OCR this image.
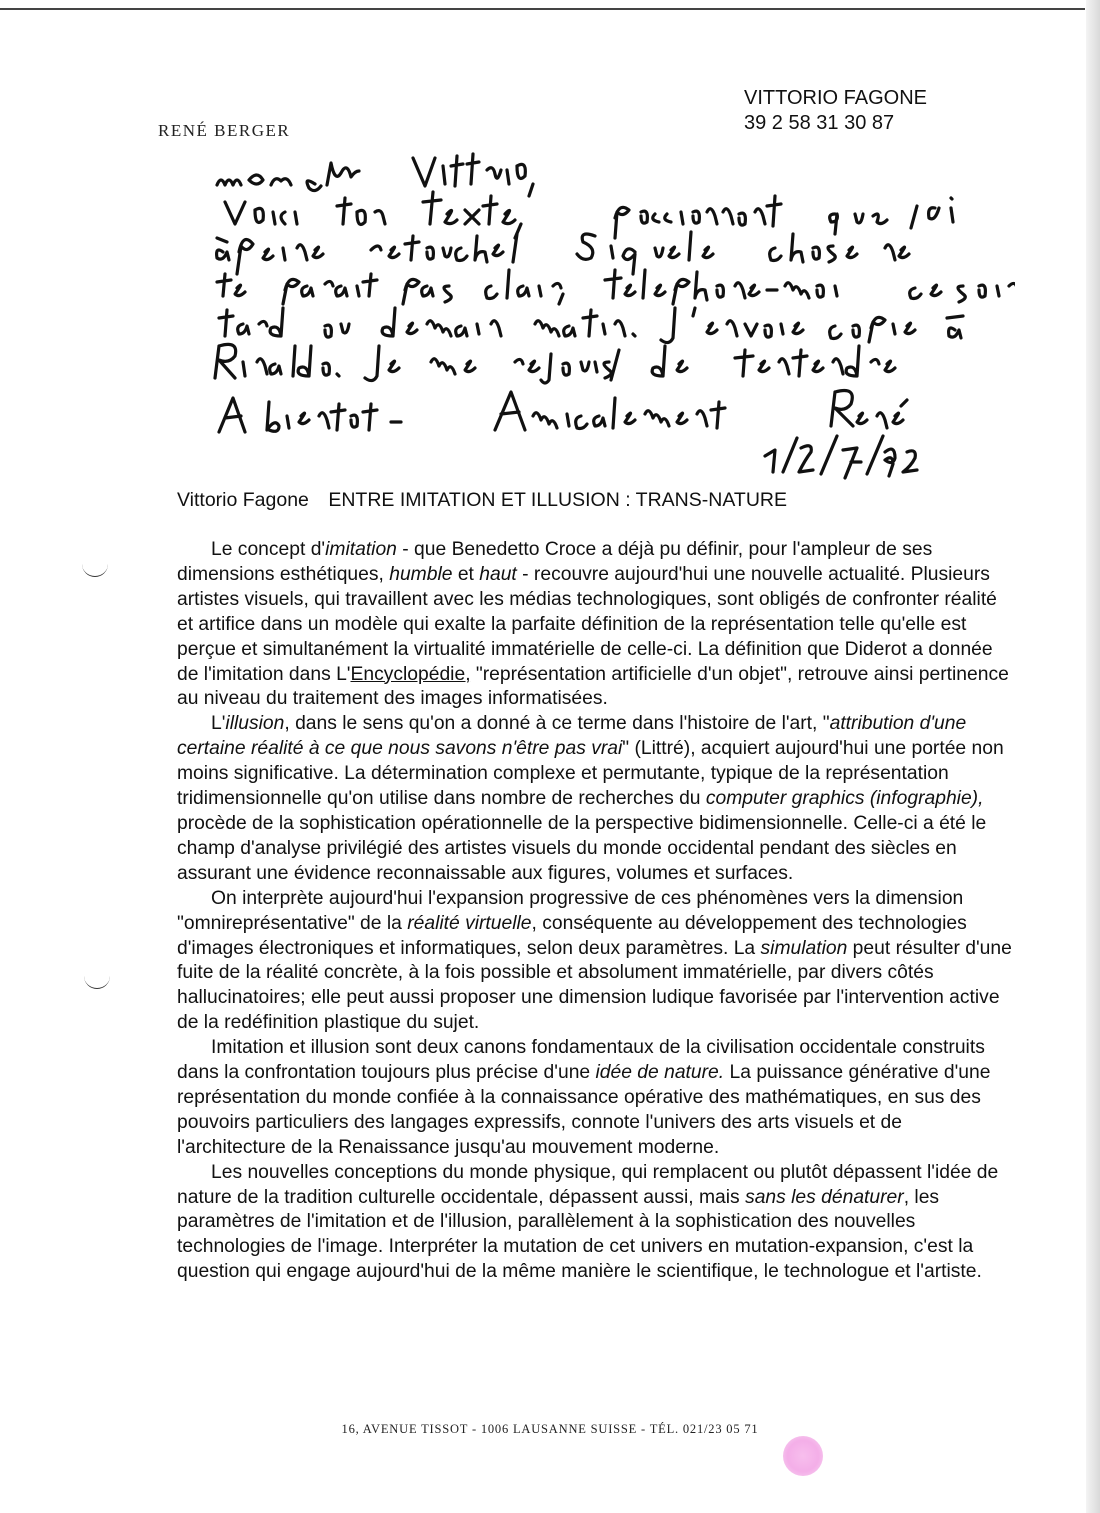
RENÉ BERGER
VITTORIO FAGONE
39 2 58 31 30 87
Vittorio Fagone ENTRE IMITATION ET ILLUSION : TRANS-NATURE

Le concept d'imitation - que Benedetto Croce a déjà pu définir, pour l'ampleur de ses dimensions esthétiques, humble et haut - recouvre aujourd'hui une nouvelle actualité. Plusieurs artistes visuels, qui travaillent avec les médias technologiques, sont obligés de confronter réalité et artifice dans un modèle qui exalte la parfaite définition de la représentation telle qu'elle est perçue et simultanément la virtualité immatérielle de celle-ci. La définition que Diderot a donnée de l'imitation dans L'Encyclopédie, "représentation artificielle d'un objet", retrouve ainsi pertinence au niveau du traitement des images informatisées.

L'illusion, dans le sens qu'on a donné à ce terme dans l'histoire de l'art, "attribution d'une certaine réalité à ce que nous savons n'être pas vrai" (Littré), acquiert aujourd'hui une portée non moins significative. La détermination complexe et permutante, typique de la représentation tridimensionnelle qu'on utilise dans nombre de recherches du computer graphics (infographie), procède de la sophistication opérationnelle de la perspective bidimensionnelle. Celle-ci a été le champ d'analyse privilégié des artistes visuels du monde occidental pendant des siècles en assurant une évidence reconnaissable aux figures, volumes et surfaces.

On interprète aujourd'hui l'expansion progressive de ces phénomènes vers la dimension "omnireprésentative" de la réalité virtuelle, conséquente au développement des technologies d'images électroniques et informatiques, selon deux paramètres. La simulation peut résulter d'une fuite de la réalité concrète, à la fois possible et absolument immatérielle, par divers côtés hallucinatoires; elle peut aussi proposer une dimension ludique favorisée par l'intervention active de la redéfinition plastique du sujet.

Imitation et illusion sont deux canons fondamentaux de la civilisation occidentale construits dans la confrontation toujours plus précise d'une idée de nature. La puissance générative d'une représentation du monde confiée à la connaissance opérative des mathématiques, en sus des pouvoirs particuliers des langages expressifs, connote l'univers des arts visuels et de l'architecture de la Renaissance jusqu'au mouvement moderne.

Les nouvelles conceptions du monde physique, qui remplacent ou plutôt dépassent l'idée de nature de la tradition culturelle occidentale, dépassent aussi, mais sans les dénaturer, les paramètres de l'imitation et de l'illusion, parallèlement à la sophistication des nouvelles technologies de l'image. Interpréter la mutation de cet univers en mutation-expansion, c'est la question qui engage aujourd'hui de la même manière le scientifique, le technologue et l'artiste.

16, AVENUE TISSOT - 1006 LAUSANNE SUISSE - TÉL. 021/23 05 71
